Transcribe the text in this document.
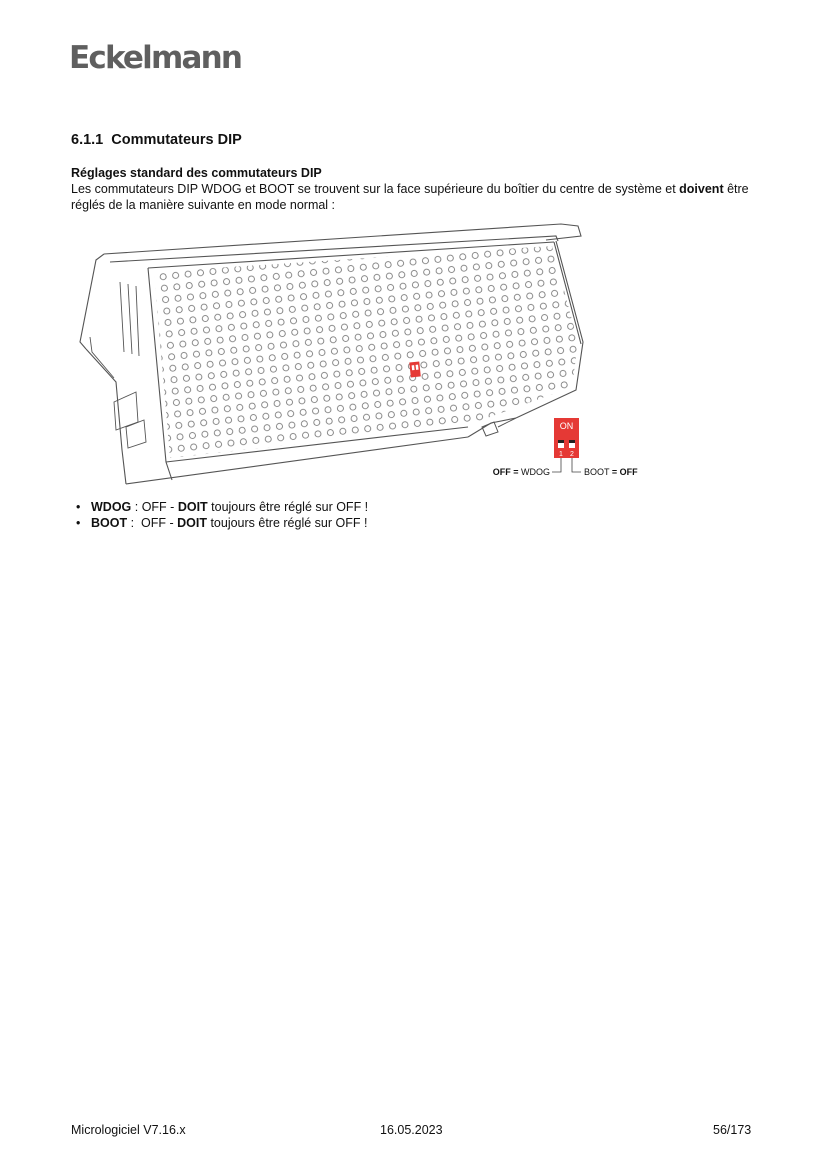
Eckelmann
6.1.1 Commutateurs DIP
Réglages standard des commutateurs DIP
Les commutateurs DIP WDOG et BOOT se trouvent sur la face supérieure du boîtier du centre de système et doivent être réglés de la manière suivante en mode normal :
ON
1 2
OFF = WDOG	BOOT = OFF
• WDOG : OFF - DOIT toujours être réglé sur OFF !
• BOOT :  OFF - DOIT toujours être réglé sur OFF !
Micrologiciel V7.16.x	16.05.2023	56/173
